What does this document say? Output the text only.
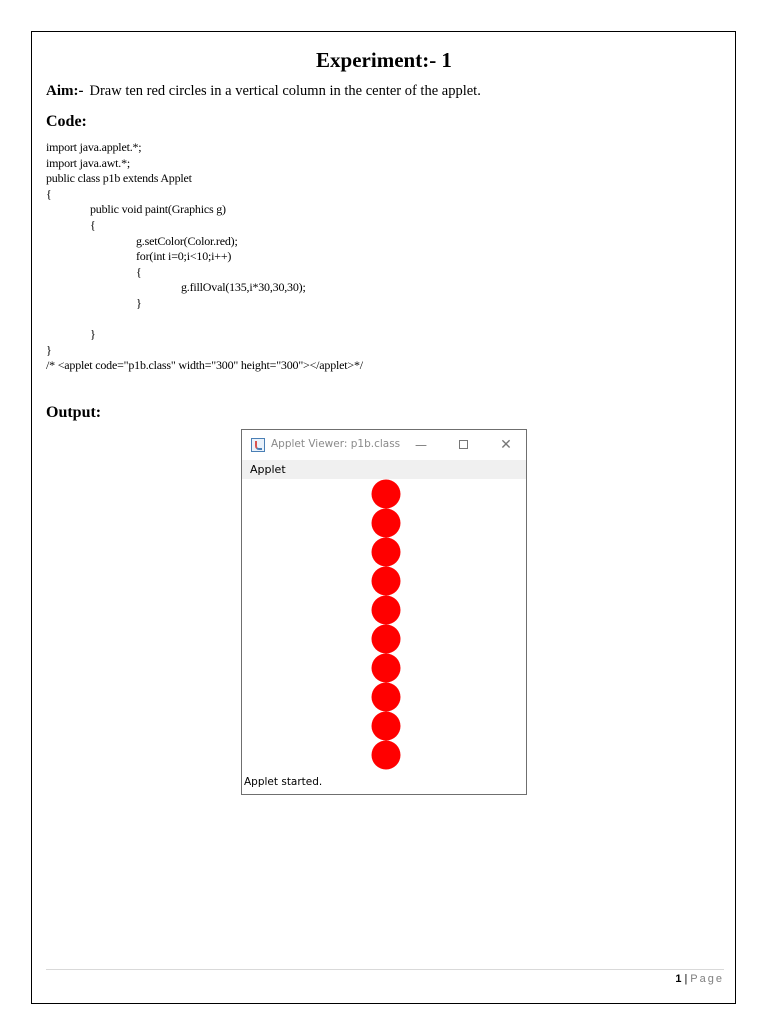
Experiment:- 1
Aim:- Draw ten red circles in a vertical column in the center of the applet.
Code:
import java.applet.*;
import java.awt.*;
public class p1b extends Applet
{
public void paint(Graphics g)
{
g.setColor(Color.red);
for(int i=0;i<10;i++)
{
g.fillOval(135,i*30,30,30);
}
}
}
/* <applet code="p1b.class" width="300" height="300"></applet>*/
Output:
Applet Viewer: p1b.class	—	✕
Applet
Applet started.
1 | Page
